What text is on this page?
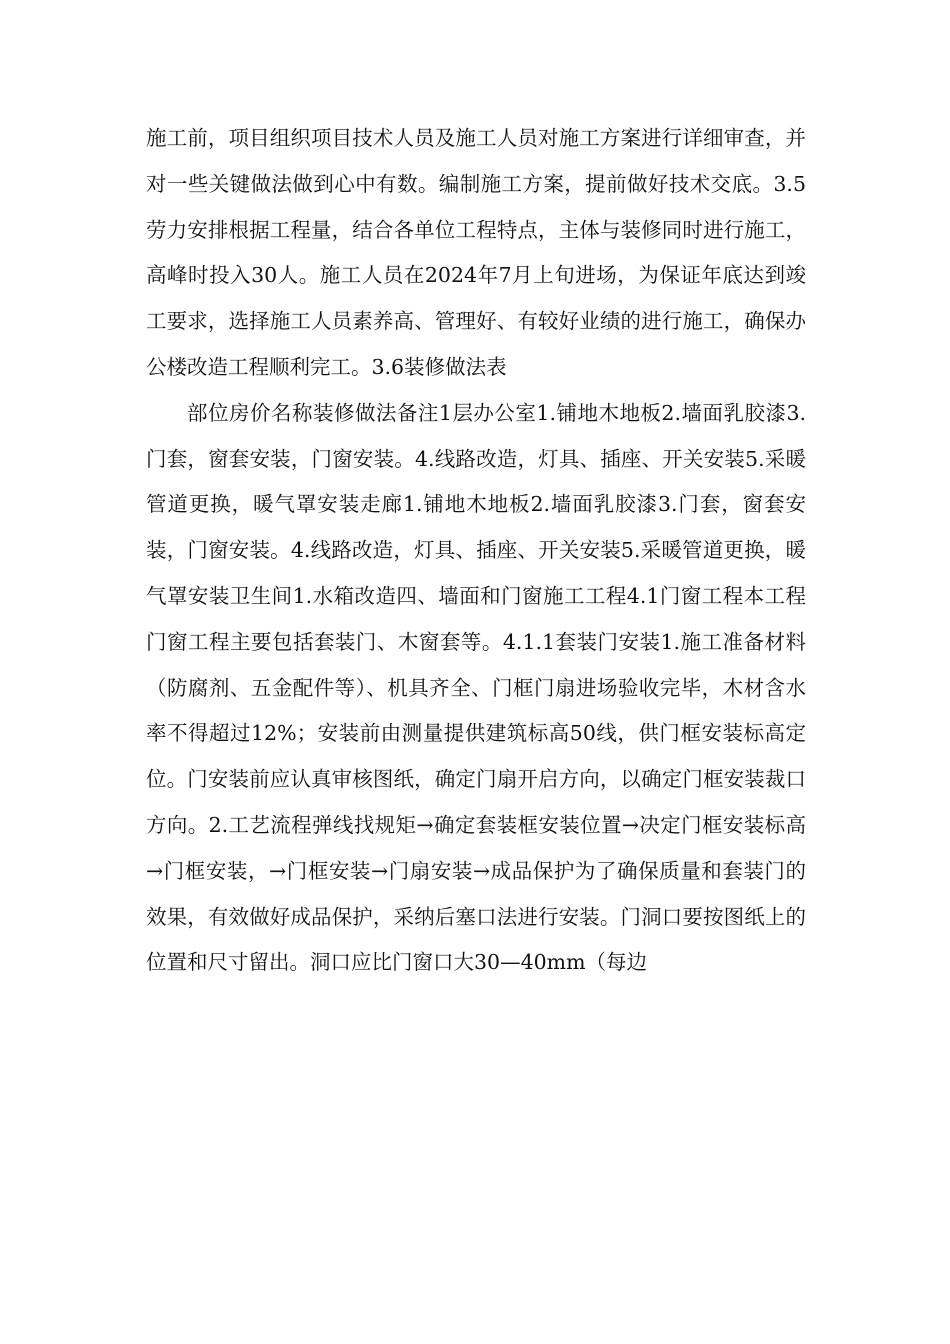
施工前，项目组织项目技术人员及施工人员对施工方案进行详细审查，并对一些关键做法做到心中有数。编制施工方案，提前做好技术交底。3.5劳力安排根据工程量，结合各单位工程特点，主体与装修同时进行施工，高峰时投入30人。施工人员在2024年7月上旬进场，为保证年底达到竣工要求，选择施工人员素养高、管理好、有较好业绩的进行施工，确保办公楼改造工程顺利完工。3.6装修做法表

部位房价名称装修做法备注1层办公室1.铺地木地板2.墙面乳胶漆3.门套，窗套安装，门窗安装。4.线路改造，灯具、插座、开关安装5.采暖管道更换，暖气罩安装走廊1.铺地木地板2.墙面乳胶漆3.门套，窗套安装，门窗安装。4.线路改造，灯具、插座、开关安装5.采暖管道更换，暖气罩安装卫生间1.水箱改造四、墙面和门窗施工工程4.1门窗工程本工程门窗工程主要包括套装门、木窗套等。4.1.1套装门安装1.施工准备材料（防腐剂、五金配件等）、机具齐全、门框门扇进场验收完毕，木材含水率不得超过12%；安装前由测量提供建筑标高50线，供门框安装标高定位。门安装前应认真审核图纸，确定门扇开启方向，以确定门框安装裁口方向。2.工艺流程弹线找规矩→确定套装框安装位置→决定门框安装标高→门框安装，→门框安装→门扇安装→成品保护为了确保质量和套装门的效果，有效做好成品保护，采纳后塞口法进行安装。门洞口要按图纸上的位置和尺寸留出。洞口应比门窗口大30—40mm（每边
